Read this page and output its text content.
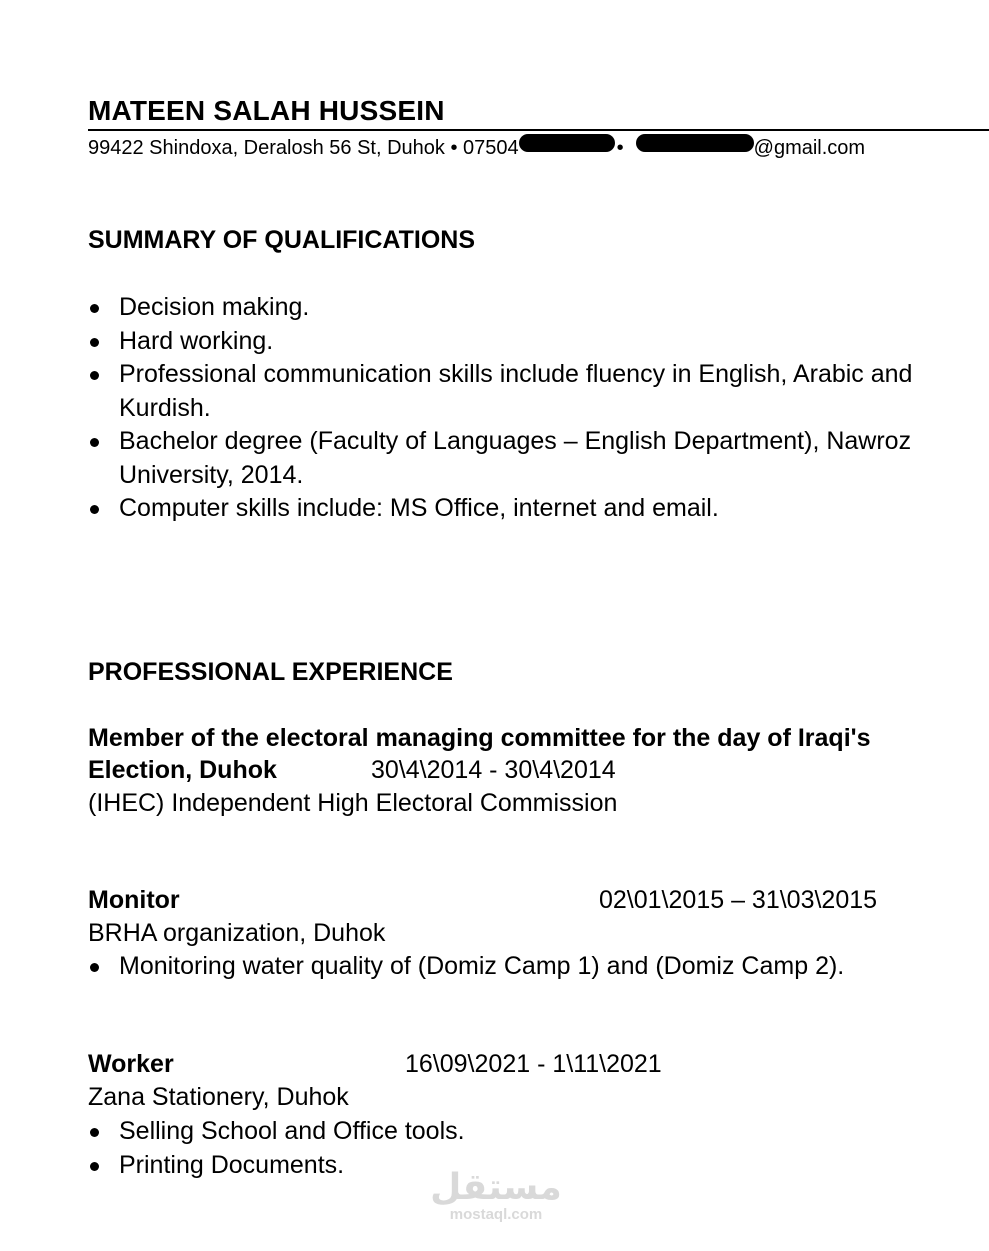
MATEEN SALAH HUSSEIN
99422 Shindoxa, Deralosh 56 St, Duhok • 07504	•	@gmail.com
SUMMARY OF QUALIFICATIONS
Decision making.
Hard working.
Professional communication skills include fluency in English, Arabic and Kurdish.
Bachelor degree (Faculty of Languages – English Department), Nawroz University, 2014.
Computer skills include: MS Office, internet and email.
PROFESSIONAL EXPERIENCE
Member of the electoral managing committee for the day of Iraqi's
Election, Duhok	30\4\2014 - 30\4\2014
(IHEC) Independent High Electoral Commission
Monitor	02\01\2015 – 31\03\2015
BRHA organization, Duhok
Monitoring water quality of (Domiz Camp 1) and (Domiz Camp 2).
Worker	16\09\2021 - 1\11\2021
Zana Stationery, Duhok
Selling School and Office tools.
Printing Documents.
مستقل
mostaql.com
